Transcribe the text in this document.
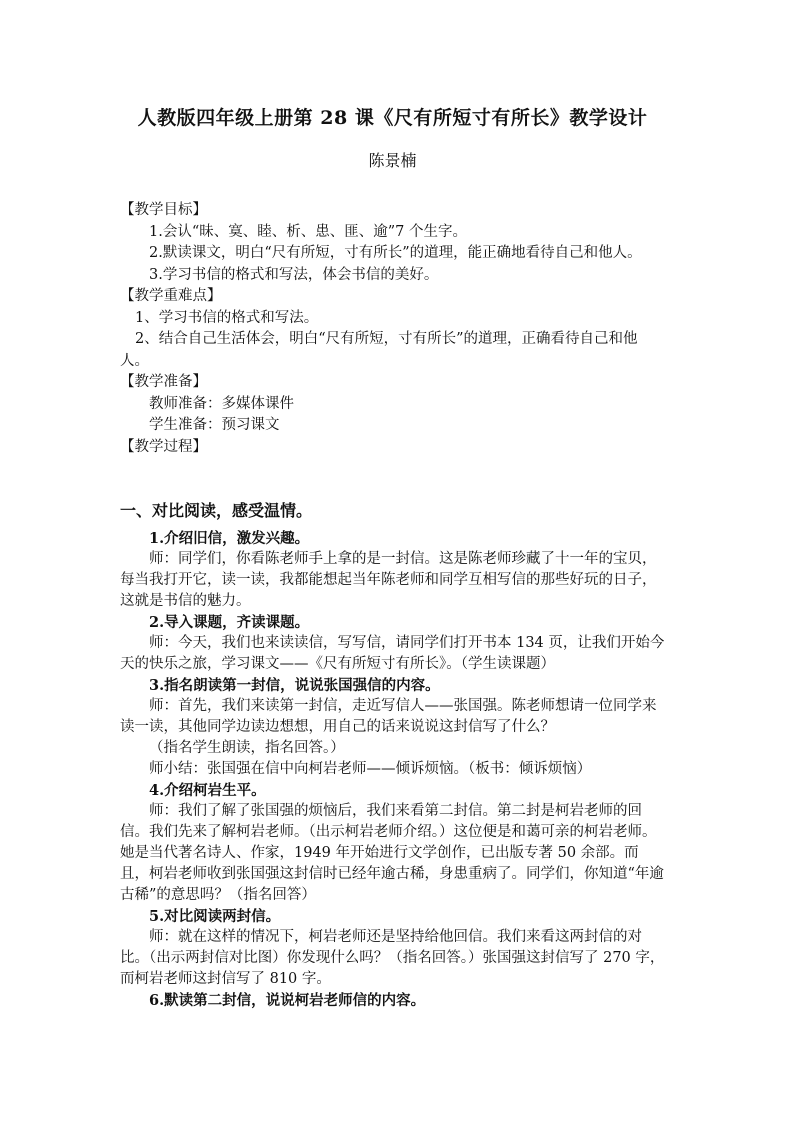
人教版四年级上册第 28 课《尺有所短寸有所长》教学设计

陈景楠

【教学目标】

1.会认“昧、寞、睦、析、患、匪、逾”7 个生字。

2.默读课文，明白“尺有所短，寸有所长”的道理，能正确地看待自己和他人。

3.学习书信的格式和写法，体会书信的美好。

【教学重难点】

1、学习书信的格式和写法。

2、结合自己生活体会，明白“尺有所短，寸有所长”的道理，正确看待自己和他人。

【教学准备】

教师准备：多媒体课件

学生准备：预习课文

【教学过程】

一、对比阅读，感受温情。

1.介绍旧信，激发兴趣。

师：同学们，你看陈老师手上拿的是一封信。这是陈老师珍藏了十一年的宝贝，每当我打开它，读一读，我都能想起当年陈老师和同学互相写信的那些好玩的日子，这就是书信的魅力。

2.导入课题，齐读课题。

师：今天，我们也来读读信，写写信，请同学们打开书本 134 页，让我们开始今天的快乐之旅，学习课文——《尺有所短寸有所长》。（学生读课题）

3.指名朗读第一封信，说说张国强信的内容。

师：首先，我们来读第一封信，走近写信人——张国强。陈老师想请一位同学来读一读，其他同学边读边想想，用自己的话来说说这封信写了什么？

（指名学生朗读，指名回答。）

师小结：张国强在信中向柯岩老师——倾诉烦恼。（板书：倾诉烦恼）

4.介绍柯岩生平。

师：我们了解了张国强的烦恼后，我们来看第二封信。第二封是柯岩老师的回信。我们先来了解柯岩老师。（出示柯岩老师介绍。）这位便是和蔼可亲的柯岩老师。她是当代著名诗人、作家，1949 年开始进行文学创作，已出版专著 50 余部。而且，柯岩老师收到张国强这封信时已经年逾古稀，身患重病了。同学们，你知道“年逾古稀”的意思吗？（指名回答）

5.对比阅读两封信。

师：就在这样的情况下，柯岩老师还是坚持给他回信。我们来看这两封信的对比。（出示两封信对比图）你发现什么吗？（指名回答。）张国强这封信写了 270 字，而柯岩老师这封信写了 810 字。

6.默读第二封信，说说柯岩老师信的内容。
